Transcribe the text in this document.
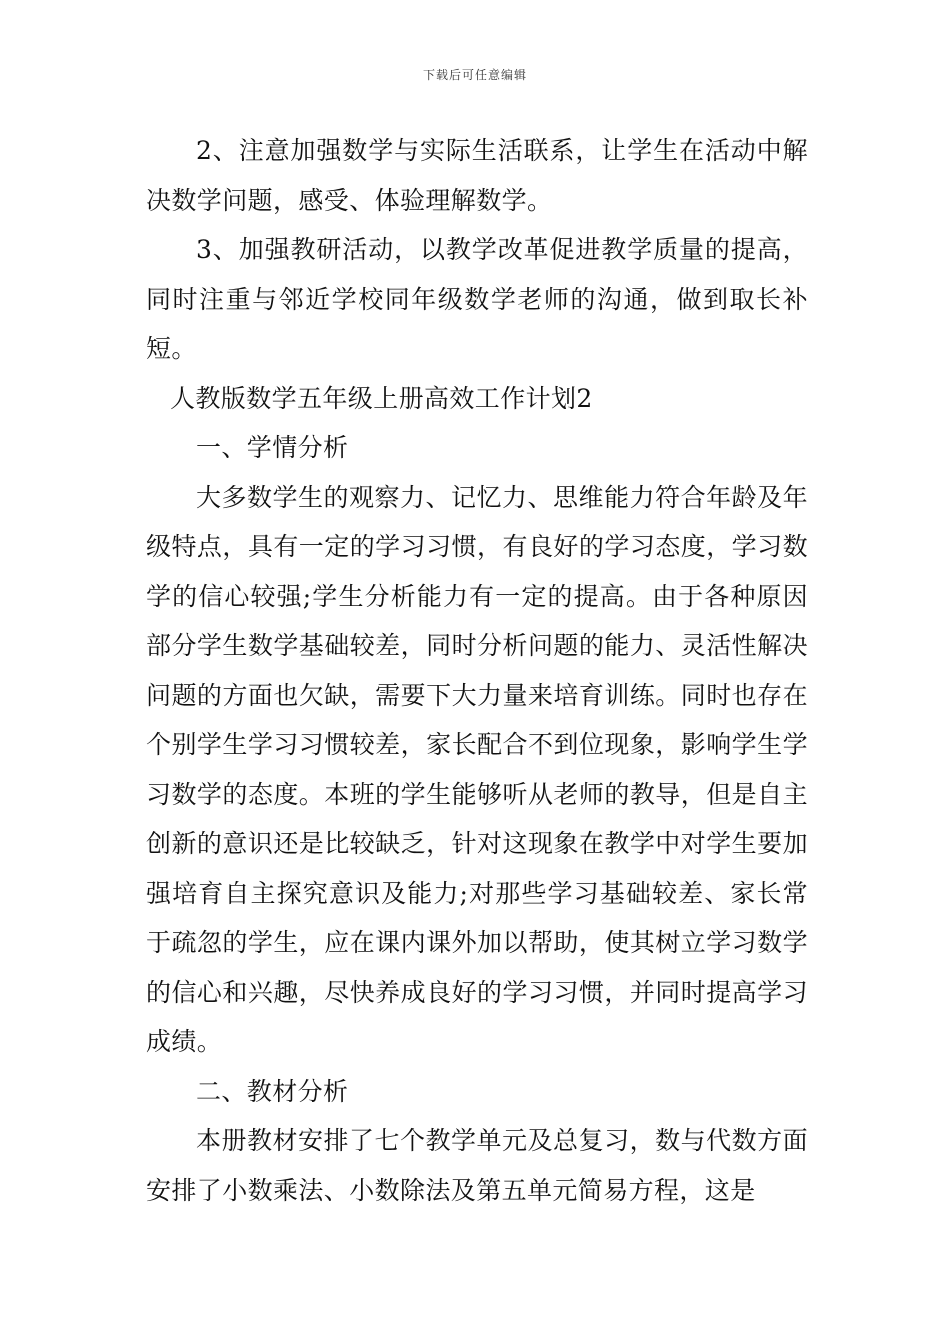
下载后可任意编辑

2、注意加强数学与实际生活联系，让学生在活动中解决数学问题，感受、体验理解数学。

3、加强教研活动，以教学改革促进教学质量的提高，同时注重与邻近学校同年级数学老师的沟通，做到取长补短。

人教版数学五年级上册高效工作计划2

一、学情分析

大多数学生的观察力、记忆力、思维能力符合年龄及年级特点，具有一定的学习习惯，有良好的学习态度，学习数学的信心较强;学生分析能力有一定的提高。由于各种原因部分学生数学基础较差，同时分析问题的能力、灵活性解决问题的方面也欠缺，需要下大力量来培育训练。同时也存在个别学生学习习惯较差，家长配合不到位现象，影响学生学习数学的态度。本班的学生能够听从老师的教导，但是自主创新的意识还是比较缺乏，针对这现象在教学中对学生要加强培育自主探究意识及能力;对那些学习基础较差、家长常于疏忽的学生，应在课内课外加以帮助，使其树立学习数学的信心和兴趣，尽快养成良好的学习习惯，并同时提高学习成绩。

二、教材分析

本册教材安排了七个教学单元及总复习，数与代数方面安排了小数乘法、小数除法及第五单元简易方程，这是
